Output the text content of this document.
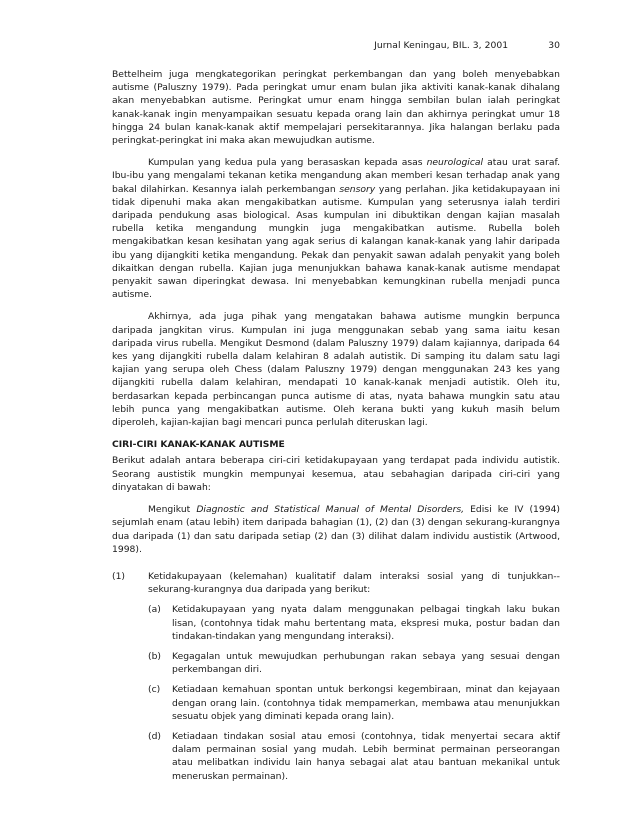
Jurnal Keningau, BIL. 3, 2001	30

Bettelheim juga mengkategorikan peringkat perkembangan dan yang boleh menyebabkan autisme (Paluszny 1979). Pada peringkat umur enam bulan jika aktiviti kanak-kanak dihalang akan menyebabkan autisme. Peringkat umur enam hingga sembilan bulan ialah peringkat kanak-kanak ingin menyampaikan sesuatu kepada orang lain dan akhirnya peringkat umur 18 hingga 24 bulan kanak-kanak aktif mempelajari persekitarannya. Jika halangan berlaku pada peringkat-peringkat ini maka akan mewujudkan autisme.

Kumpulan yang kedua pula yang berasaskan kepada asas neurological atau urat saraf. Ibu-ibu yang mengalami tekanan ketika mengandung akan memberi kesan terhadap anak yang bakal dilahirkan. Kesannya ialah perkembangan sensory yang perlahan. Jika ketidakupayaan ini tidak dipenuhi maka akan mengakibatkan autisme. Kumpulan yang seterusnya ialah terdiri daripada pendukung asas biological. Asas kumpulan ini dibuktikan dengan kajian masalah rubella ketika mengandung mungkin juga mengakibatkan autisme. Rubella boleh mengakibatkan kesan kesihatan yang agak serius di kalangan kanak-kanak yang lahir daripada ibu yang dijangkiti ketika mengandung. Pekak dan penyakit sawan adalah penyakit yang boleh dikaitkan dengan rubella. Kajian juga menunjukkan bahawa kanak-kanak autisme mendapat penyakit sawan diperingkat dewasa. Ini menyebabkan kemungkinan rubella menjadi punca autisme.

Akhirnya, ada juga pihak yang mengatakan bahawa autisme mungkin berpunca daripada jangkitan virus. Kumpulan ini juga menggunakan sebab yang sama iaitu kesan daripada virus rubella. Mengikut Desmond (dalam Paluszny 1979) dalam kajiannya, daripada 64 kes yang dijangkiti rubella dalam kelahiran 8 adalah autistik. Di samping itu dalam satu lagi kajian yang serupa oleh Chess (dalam Paluszny 1979) dengan menggunakan 243 kes yang dijangkiti rubella dalam kelahiran, mendapati 10 kanak-kanak menjadi autistik. Oleh itu, berdasarkan kepada perbincangan punca autisme di atas, nyata bahawa mungkin satu atau lebih punca yang mengakibatkan autisme. Oleh kerana bukti yang kukuh masih belum diperoleh, kajian-kajian bagi mencari punca perlulah diteruskan lagi.

CIRI-CIRI KANAK-KANAK AUTISME

Berikut adalah antara beberapa ciri-ciri ketidakupayaan yang terdapat pada individu autistik. Seorang austistik mungkin mempunyai kesemua, atau sebahagian daripada ciri-ciri yang dinyatakan di bawah:

Mengikut Diagnostic and Statistical Manual of Mental Disorders, Edisi ke IV (1994) sejumlah enam (atau lebih) item daripada bahagian (1), (2) dan (3) dengan sekurang-kurangnya dua daripada (1) dan satu daripada setiap (2) dan (3) dilihat dalam individu austistik (Artwood, 1998).

(1)	Ketidakupayaan (kelemahan) kualitatif dalam interaksi sosial yang di tunjukkan-- sekurang-kurangnya dua daripada yang berikut:
(a)	Ketidakupayaan yang nyata dalam menggunakan pelbagai tingkah laku bukan lisan, (contohnya tidak mahu bertentang mata, ekspresi muka, postur badan dan tindakan-tindakan yang mengundang interaksi).
(b)	Kegagalan untuk mewujudkan perhubungan rakan sebaya yang sesuai dengan perkembangan diri.
(c)	Ketiadaan kemahuan spontan untuk berkongsi kegembiraan, minat dan kejayaan dengan orang lain. (contohnya tidak mempamerkan, membawa atau menunjukkan sesuatu objek yang diminati kepada orang lain).
(d)	Ketiadaan tindakan sosial atau emosi (contohnya, tidak menyertai secara aktif dalam permainan sosial yang mudah. Lebih berminat permainan perseorangan atau melibatkan individu lain hanya sebagai alat atau bantuan mekanikal untuk meneruskan permainan).
